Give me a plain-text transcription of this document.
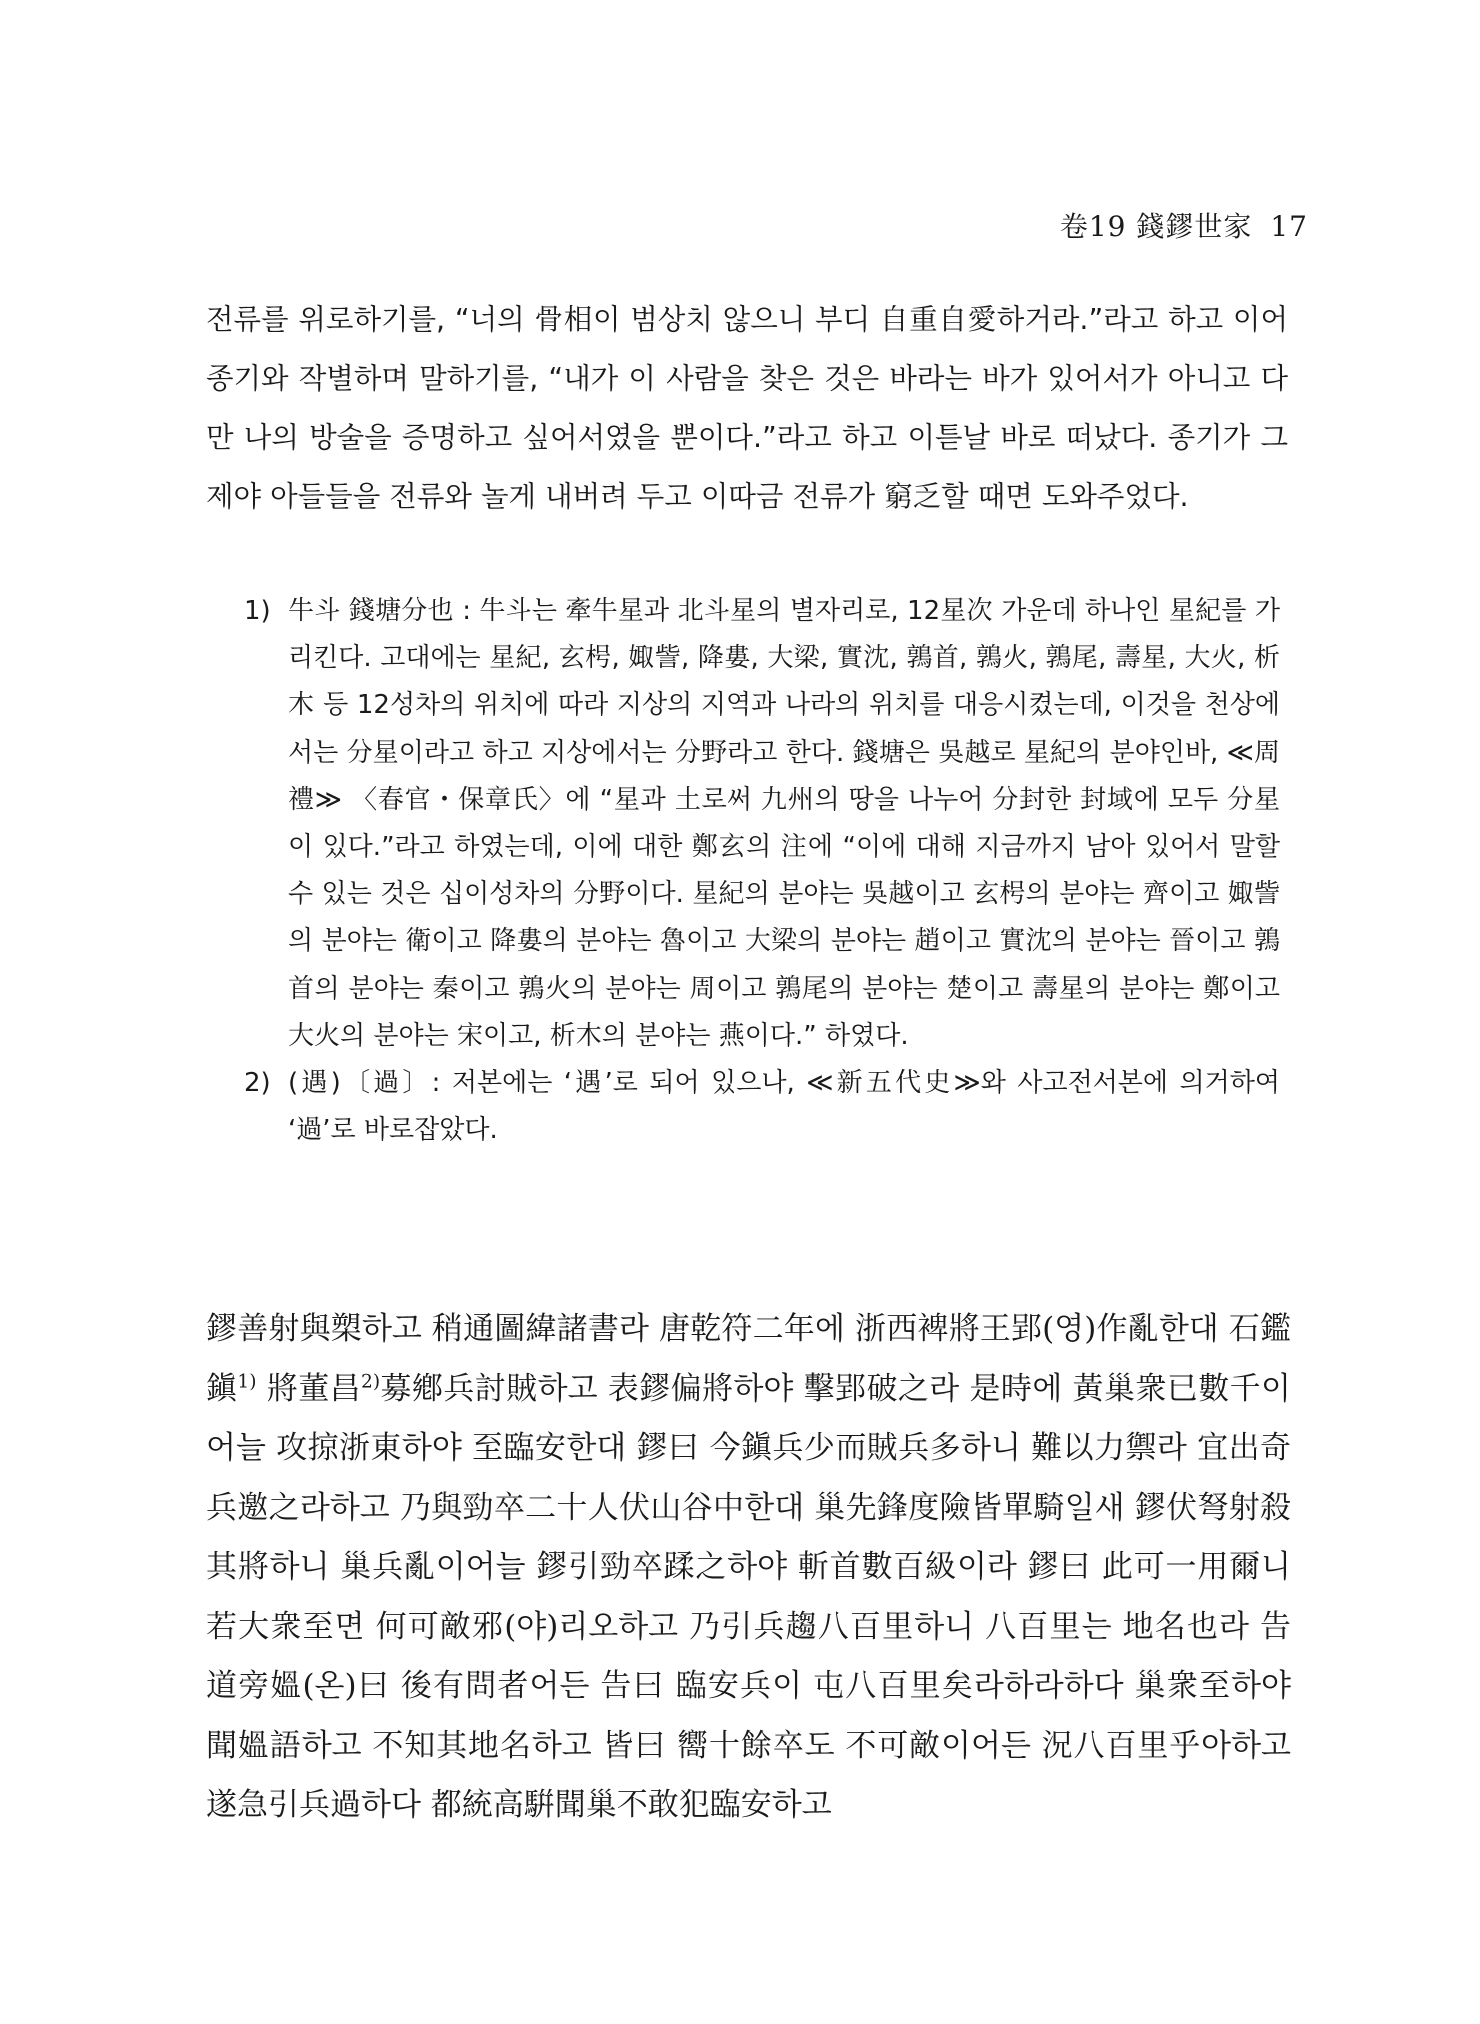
卷19 錢鏐世家 17

전류를 위로하기를, “너의 骨相이 범상치 않으니 부디 自重自愛하거라.”라고 하고 이어 종기와 작별하며 말하기를, “내가 이 사람을 찾은 것은 바라는 바가 있어서가 아니고 다만 나의 방술을 증명하고 싶어서였을 뿐이다.”라고 하고 이튿날 바로 떠났다. 종기가 그제야 아들들을 전류와 놀게 내버려 두고 이따금 전류가 窮乏할 때면 도와주었다.

1) 牛斗 錢塘分也 : 牛斗는 牽牛星과 北斗星의 별자리로, 12星次 가운데 하나인 星紀를 가리킨다. 고대에는 星紀, 玄枵, 娵訾, 降婁, 大梁, 實沈, 鶉首, 鶉火, 鶉尾, 壽星, 大火, 析木 등 12성차의 위치에 따라 지상의 지역과 나라의 위치를 대응시켰는데, 이것을 천상에서는 分星이라고 하고 지상에서는 分野라고 한다. 錢塘은 吳越로 星紀의 분야인바, ≪周禮≫ 〈春官・保章氏〉에 “星과 土로써 九州의 땅을 나누어 分封한 封域에 모두 分星이 있다.”라고 하였는데, 이에 대한 鄭玄의 注에 “이에 대해 지금까지 남아 있어서 말할 수 있는 것은 십이성차의 分野이다. 星紀의 분야는 吳越이고 玄枵의 분야는 齊이고 娵訾의 분야는 衛이고 降婁의 분야는 魯이고 大梁의 분야는 趙이고 實沈의 분야는 晉이고 鶉首의 분야는 秦이고 鶉火의 분야는 周이고 鶉尾의 분야는 楚이고 壽星의 분야는 鄭이고 大火의 분야는 宋이고, 析木의 분야는 燕이다.” 하였다.
2) (遇)〔過〕: 저본에는 ‘遇’로 되어 있으나, ≪新五代史≫와 사고전서본에 의거하여 ‘過’로 바로잡았다.

鏐善射與槊하고 稍通圖緯諸書라 唐乾符二年에 浙西裨將王郢(영)作亂한대 石鑑鎭$^{1)}$ 將董昌$^{2)}$募鄕兵討賊하고 表鏐偏將하야 擊郢破之라 是時에 黃巢衆已數千이어늘 攻掠浙東하야 至臨安한대 鏐曰 今鎭兵少而賊兵多하니 難以力禦라 宜出奇兵邀之라하고 乃與勁卒二十人伏山谷中한대 巢先鋒度險皆單騎일새 鏐伏弩射殺其將하니 巢兵亂이어늘 鏐引勁卒蹂之하야 斬首數百級이라 鏐曰 此可一用爾니 若大衆至면 何可敵邪(야)리오하고 乃引兵趨八百里하니 八百里는 地名也라 告道旁媼(온)曰 後有問者어든 告曰 臨安兵이 屯八百里矣라하라하다 巢衆至하야 聞媼語하고 不知其地名하고 皆曰 嚮十餘卒도 不可敵이어든 況八百里乎아하고 遂急引兵過하다 都統高騈聞巢不敢犯臨安하고
